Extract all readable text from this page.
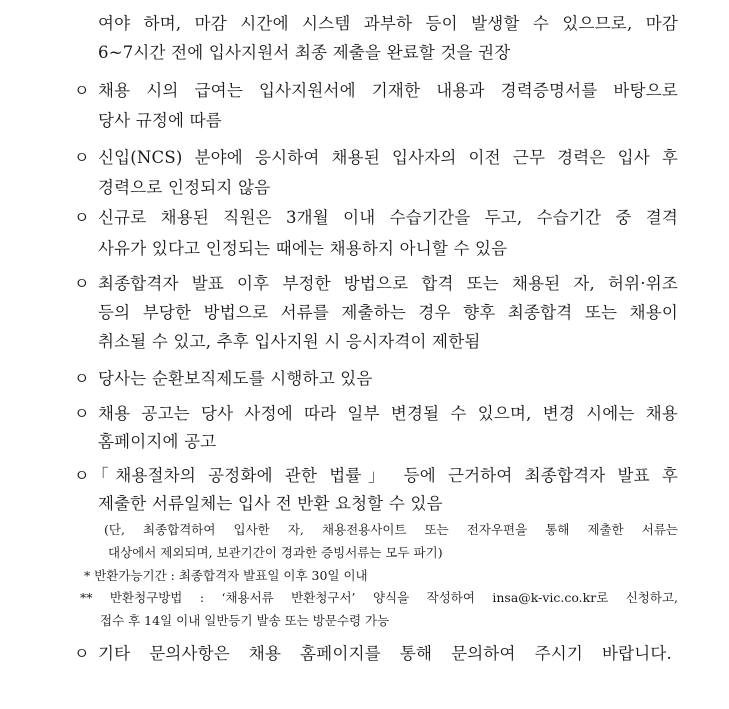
여야 하며, 마감 시간에 시스템 과부하 등이 발생할 수 있으므로, 마감
6~7시간 전에 입사지원서 최종 제출을 완료할 것을 권장
ㅇ 채용 시의 급여는 입사지원서에 기재한 내용과 경력증명서를 바탕으로
당사 규정에 따름
ㅇ 신입(NCS) 분야에 응시하여 채용된 입사자의 이전 근무 경력은 입사 후
경력으로 인정되지 않음
ㅇ 신규로 채용된 직원은 3개월 이내 수습기간을 두고, 수습기간 중 결격
사유가 있다고 인정되는 때에는 채용하지 아니할 수 있음
ㅇ 최종합격자 발표 이후 부정한 방법으로 합격 또는 채용된 자, 허위·위조
등의 부당한 방법으로 서류를 제출하는 경우 향후 최종합격 또는 채용이
취소될 수 있고, 추후 입사지원 시 응시자격이 제한됨
ㅇ 당사는 순환보직제도를 시행하고 있음
ㅇ 채용 공고는 당사 사정에 따라 일부 변경될 수 있으며, 변경 시에는 채용
홈페이지에 공고
ㅇ 「채용절차의 공정화에 관한 법률」 등에 근거하여 최종합격자 발표 후
제출한 서류일체는 입사 전 반환 요청할 수 있음
(단, 최종합격하여 입사한 자, 채용전용사이트 또는 전자우편을 통해 제출한 서류는
대상에서 제외되며, 보관기간이 경과한 증빙서류는 모두 파기)
* 반환가능기간 : 최종합격자 발표일 이후 30일 이내
** 반환청구방법 : ‘채용서류 반환청구서’ 양식을 작성하여 insa@k-vic.co.kr로 신청하고,
접수 후 14일 이내 일반등기 발송 또는 방문수령 가능
ㅇ 기타 문의사항은 채용 홈페이지를 통해 문의하여 주시기 바랍니다.
